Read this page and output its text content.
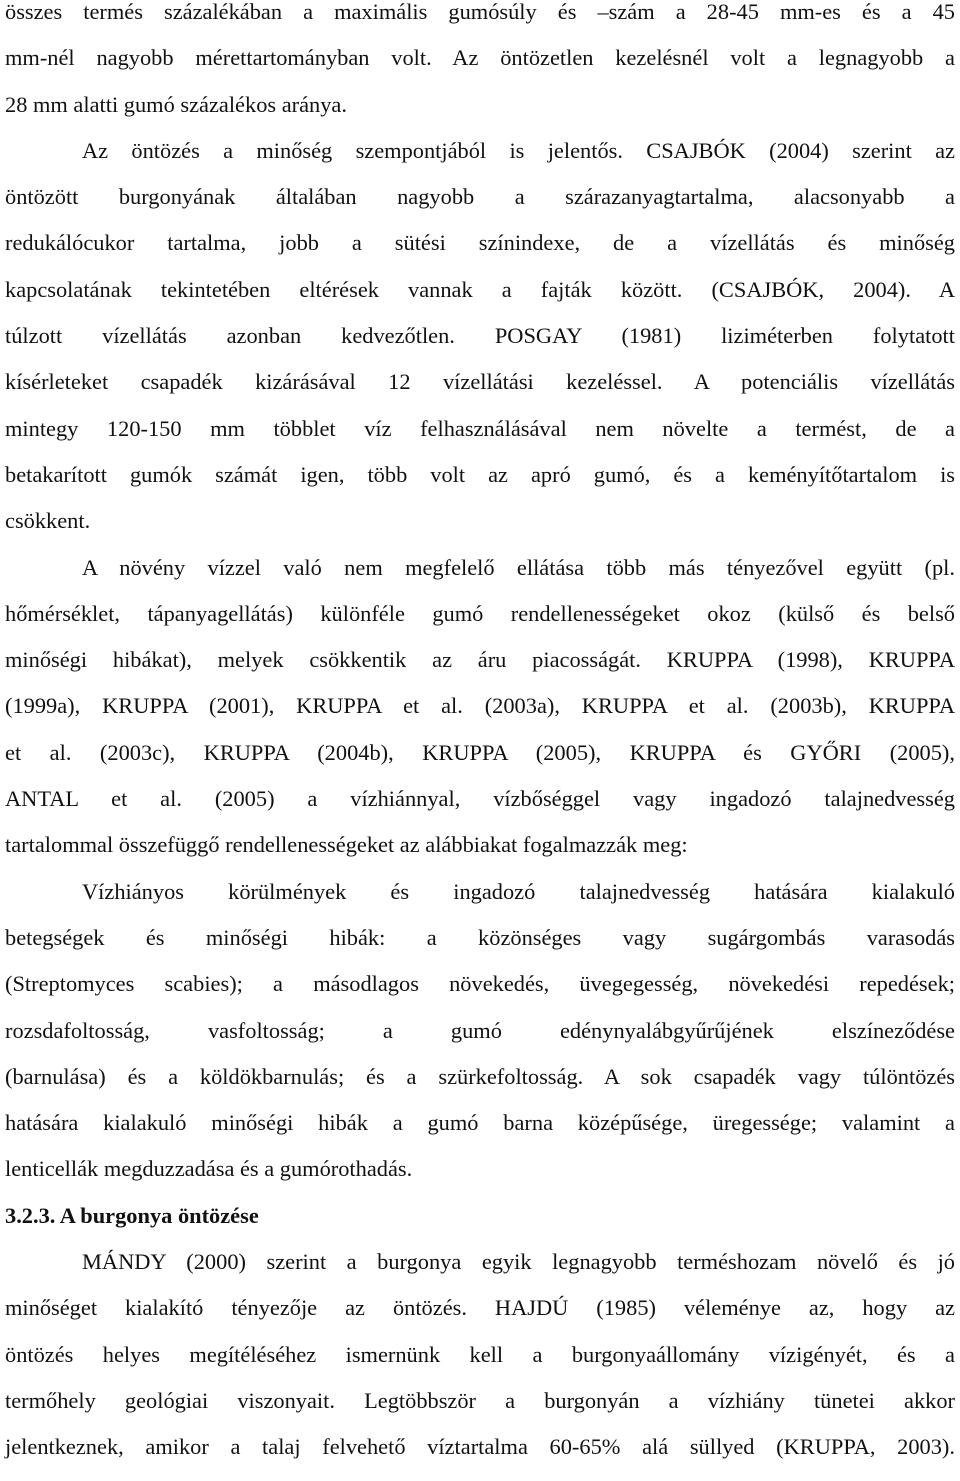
összes termés százalékában a maximális gumósúly és –szám a 28-45 mm-es és a 45
mm-nél nagyobb mérettartományban volt. Az öntözetlen kezelésnél volt a legnagyobb a
28 mm alatti gumó százalékos aránya.
Az öntözés a minőség szempontjából is jelentős. CSAJBÓK (2004) szerint az
öntözött burgonyának általában nagyobb a szárazanyagtartalma, alacsonyabb a
redukálócukor tartalma, jobb a sütési színindexe, de a vízellátás és minőség
kapcsolatának tekintetében eltérések vannak a fajták között. (CSAJBÓK, 2004). A
túlzott vízellátás azonban kedvezőtlen. POSGAY (1981) liziméterben folytatott
kísérleteket csapadék kizárásával 12 vízellátási kezeléssel. A potenciális vízellátás
mintegy 120-150 mm többlet víz felhasználásával nem növelte a termést, de a
betakarított gumók számát igen, több volt az apró gumó, és a keményítőtartalom is
csökkent.
A növény vízzel való nem megfelelő ellátása több más tényezővel együtt (pl.
hőmérséklet, tápanyagellátás) különféle gumó rendellenességeket okoz (külső és belső
minőségi hibákat), melyek csökkentik az áru piacosságát. KRUPPA (1998), KRUPPA
(1999a), KRUPPA (2001), KRUPPA et al. (2003a), KRUPPA et al. (2003b), KRUPPA
et al. (2003c), KRUPPA (2004b), KRUPPA (2005), KRUPPA és GYŐRI (2005),
ANTAL et al. (2005) a vízhiánnyal, vízbőséggel vagy ingadozó talajnedvesség
tartalommal összefüggő rendellenességeket az alábbiakat fogalmazzák meg:
Vízhiányos körülmények és ingadozó talajnedvesség hatására kialakuló
betegségek és minőségi hibák: a közönséges vagy sugárgombás varasodás
(Streptomyces scabies); a másodlagos növekedés, üvegegesség, növekedési repedések;
rozsdafoltosság, vasfoltosság; a gumó edénynyalábgyűrűjének elszíneződése
(barnulása) és a köldökbarnulás; és a szürkefoltosság. A sok csapadék vagy túlöntözés
hatására kialakuló minőségi hibák a gumó barna középűsége, üregessége; valamint a
lenticellák megduzzadása és a gumórothadás.
3.2.3. A burgonya öntözése
MÁNDY (2000) szerint a burgonya egyik legnagyobb terméshozam növelő és jó
minőséget kialakító tényezője az öntözés. HAJDÚ (1985) véleménye az, hogy az
öntözés helyes megítéléséhez ismernünk kell a burgonyaállomány vízigényét, és a
termőhely geológiai viszonyait. Legtöbbször a burgonyán a vízhiány tünetei akkor
jelentkeznek, amikor a talaj felvehető víztartalma 60-65% alá süllyed (KRUPPA, 2003).
